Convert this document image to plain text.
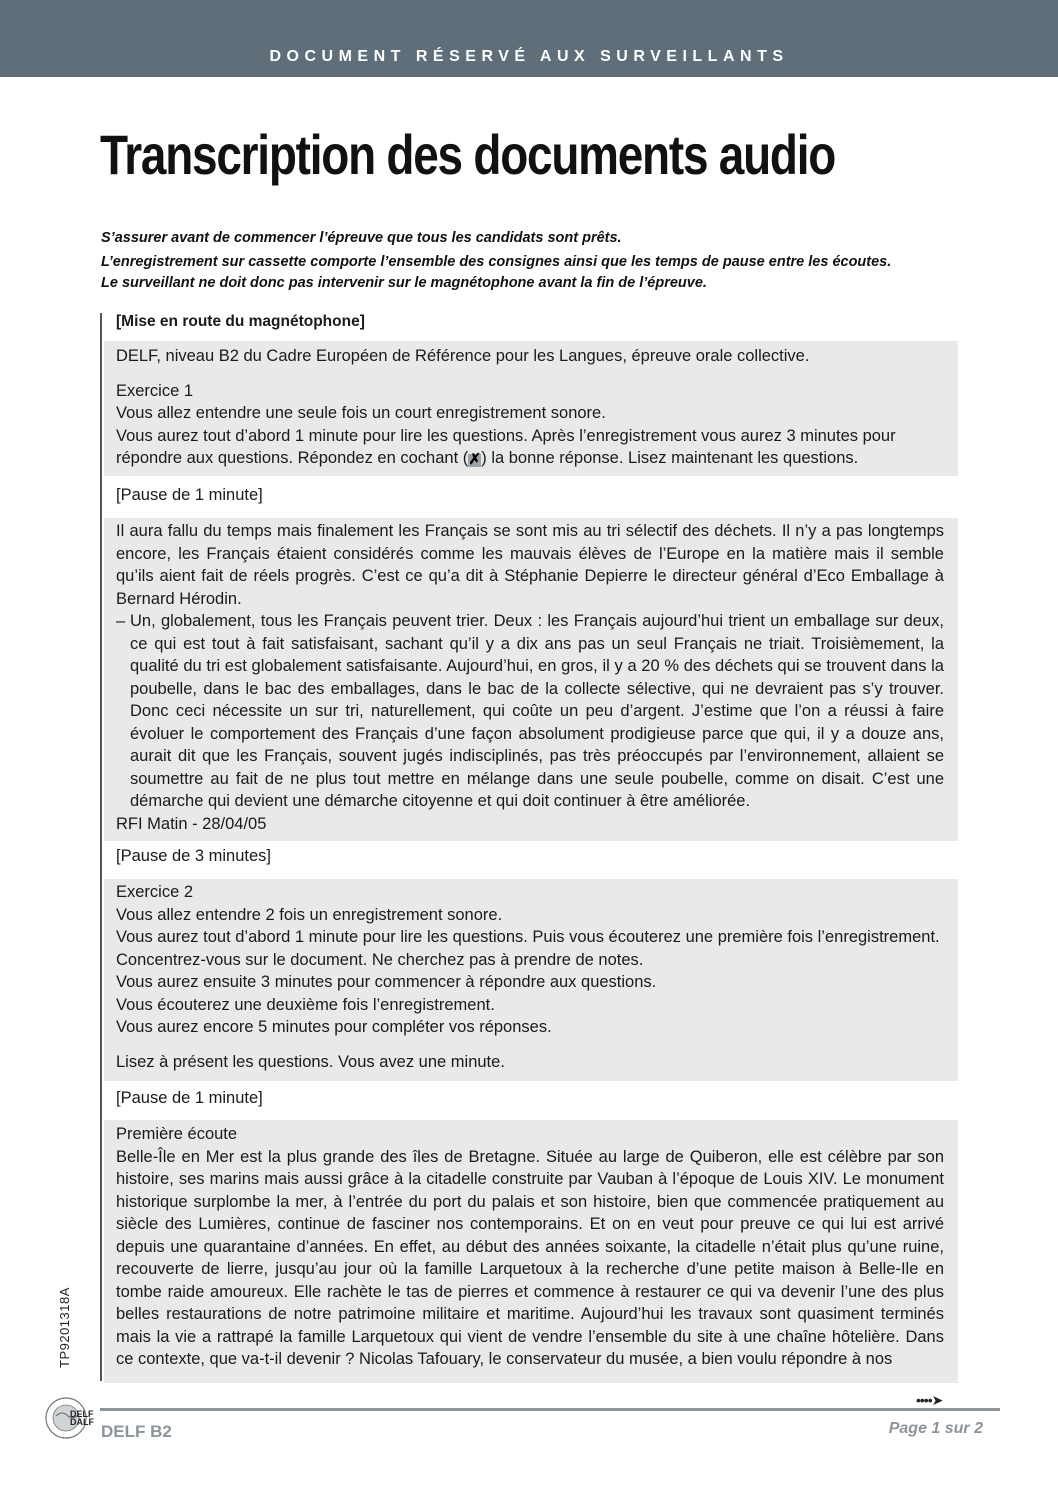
DOCUMENT RÉSERVÉ AUX SURVEILLANTS
Transcription des documents audio

S’assurer avant de commencer l’épreuve que tous les candidats sont prêts.

L’enregistrement sur cassette comporte l’ensemble des consignes ainsi que les temps de pause entre les écoutes. Le surveillant ne doit donc pas intervenir sur le magnétophone avant la fin de l’épreuve.

[Mise en route du magnétophone]

DELF, niveau B2 du Cadre Européen de Référence pour les Langues, épreuve orale collective.

Exercice 1

Vous allez entendre une seule fois un court enregistrement sonore.

Vous aurez tout d’abord 1 minute pour lire les questions. Après l’enregistrement vous aurez 3 minutes pour répondre aux questions. Répondez en cochant (✗) la bonne réponse. Lisez maintenant les questions.

[Pause de 1 minute]

Il aura fallu du temps mais finalement les Français se sont mis au tri sélectif des déchets. Il n’y a pas longtemps encore, les Français étaient considérés comme les mauvais élèves de l’Europe en la matière mais il semble qu’ils aient fait de réels progrès. C’est ce qu’a dit à Stéphanie Depierre le directeur général d’Eco Emballage à Bernard Hérodin.

– Un, globalement, tous les Français peuvent trier. Deux : les Français aujourd’hui trient un emballage sur deux, ce qui est tout à fait satisfaisant, sachant qu’il y a dix ans pas un seul Français ne triait. Troisièmement, la qualité du tri est globalement satisfaisante. Aujourd’hui, en gros, il y a 20 % des déchets qui se trouvent dans la poubelle, dans le bac des emballages, dans le bac de la collecte sélective, qui ne devraient pas s’y trouver. Donc ceci nécessite un sur tri, naturellement, qui coûte un peu d’argent. J’estime que l’on a réussi à faire évoluer le comportement des Français d’une façon absolument prodigieuse parce que qui, il y a douze ans, aurait dit que les Français, souvent jugés indisciplinés, pas très préoccupés par l’environnement, allaient se soumettre au fait de ne plus tout mettre en mélange dans une seule poubelle, comme on disait. C’est une démarche qui devient une démarche citoyenne et qui doit continuer à être améliorée.

RFI Matin - 28/04/05

[Pause de 3 minutes]

Exercice 2

Vous allez entendre 2 fois un enregistrement sonore.

Vous aurez tout d’abord 1 minute pour lire les questions. Puis vous écouterez une première fois l’enregistrement.

Concentrez-vous sur le document. Ne cherchez pas à prendre de notes.

Vous aurez ensuite 3 minutes pour commencer à répondre aux questions.

Vous écouterez une deuxième fois l’enregistrement.

Vous aurez encore 5 minutes pour compléter vos réponses.

Lisez à présent les questions. Vous avez une minute.

[Pause de 1 minute]

Première écoute

Belle-Île en Mer est la plus grande des îles de Bretagne. Située au large de Quiberon, elle est célèbre par son histoire, ses marins mais aussi grâce à la citadelle construite par Vauban à l’époque de Louis XIV. Le monument historique surplombe la mer, à l’entrée du port du palais et son histoire, bien que commencée pratiquement au siècle des Lumières, continue de fasciner nos contemporains. Et on en veut pour preuve ce qui lui est arrivé depuis une quarantaine d’années. En effet, au début des années soixante, la citadelle n’était plus qu’une ruine, recouverte de lierre, jusqu’au jour où la famille Larquetoux à la recherche d’une petite maison à Belle-Ile en tombe raide amoureux. Elle rachète le tas de pierres et commence à restaurer ce qui va devenir l’une des plus belles restaurations de notre patrimoine militaire et maritime. Aujourd’hui les travaux sont quasiment terminés mais la vie a rattrapé la famille Larquetoux qui vient de vendre l’ensemble du site à une chaîne hôtelière. Dans ce contexte, que va-t-il devenir ? Nicolas Tafouary, le conservateur du musée, a bien voulu répondre à nos

TP9201318A
DELF
DALF
••••➤
DELF B2	Page 1 sur 2
